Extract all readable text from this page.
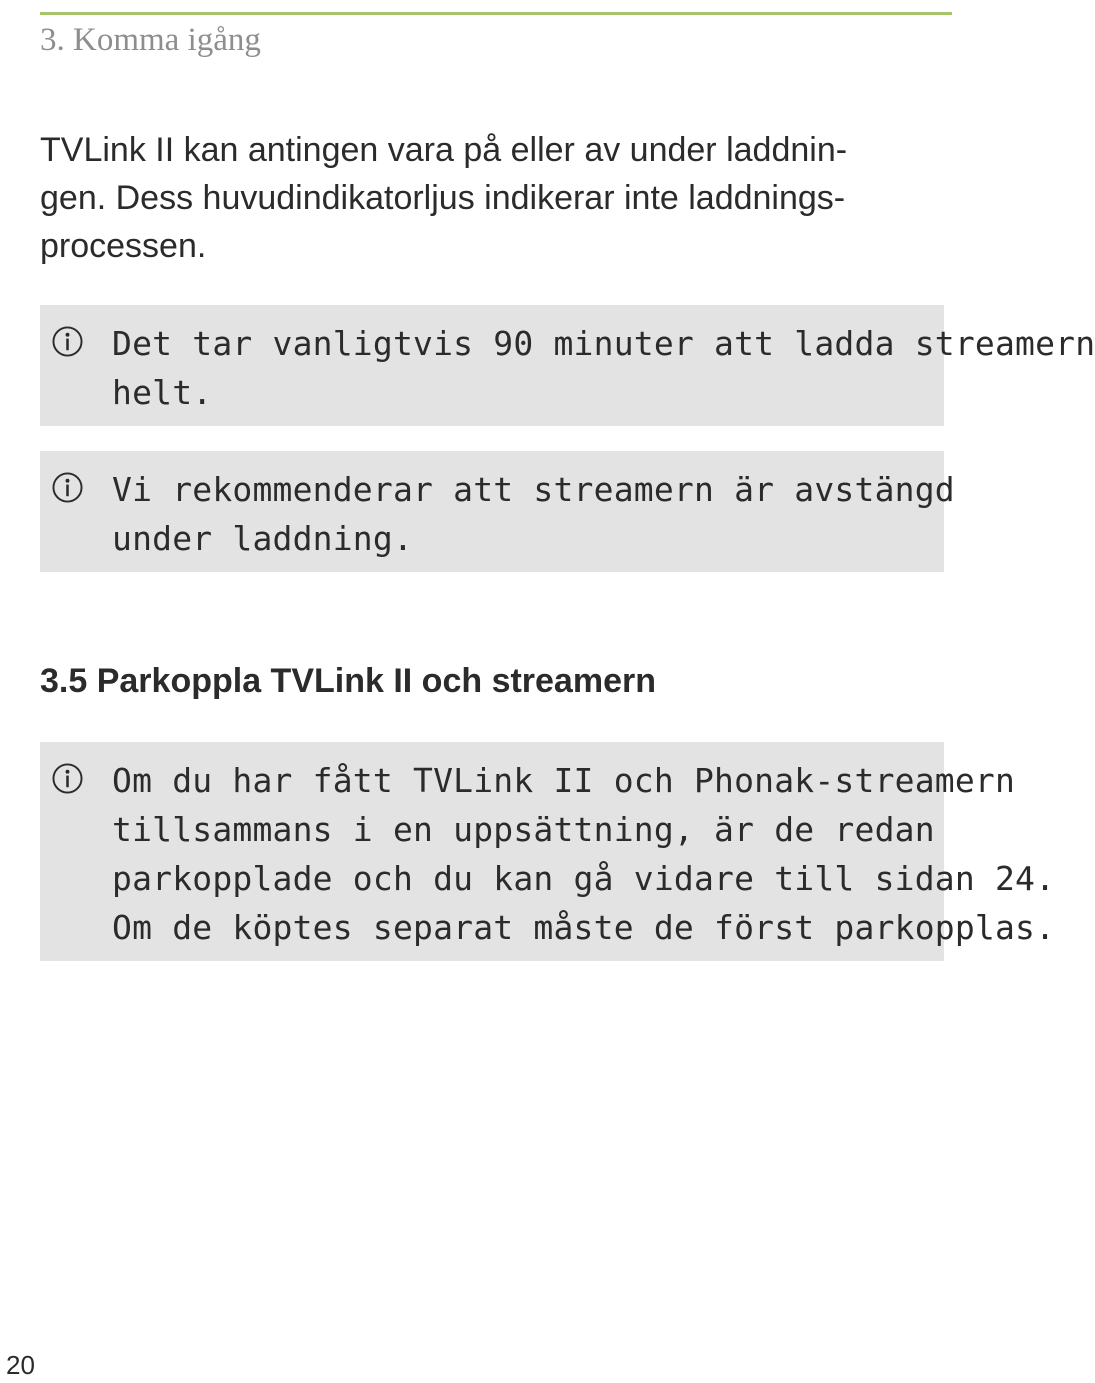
3. Komma igång
TVLink II kan antingen vara på eller av under laddnin-
gen. Dess huvudindikatorljus indikerar inte laddnings-
processen.
Det tar vanligtvis 90 minuter att ladda streamern
helt.
Vi rekommenderar att streamern är avstängd
under laddning.
3.5 Parkoppla TVLink II och streamern
Om du har fått TVLink II och Phonak-streamern
tillsammans i en uppsättning, är de redan
parkopplade och du kan gå vidare till sidan 24.
Om de köptes separat måste de först parkopplas.
20
